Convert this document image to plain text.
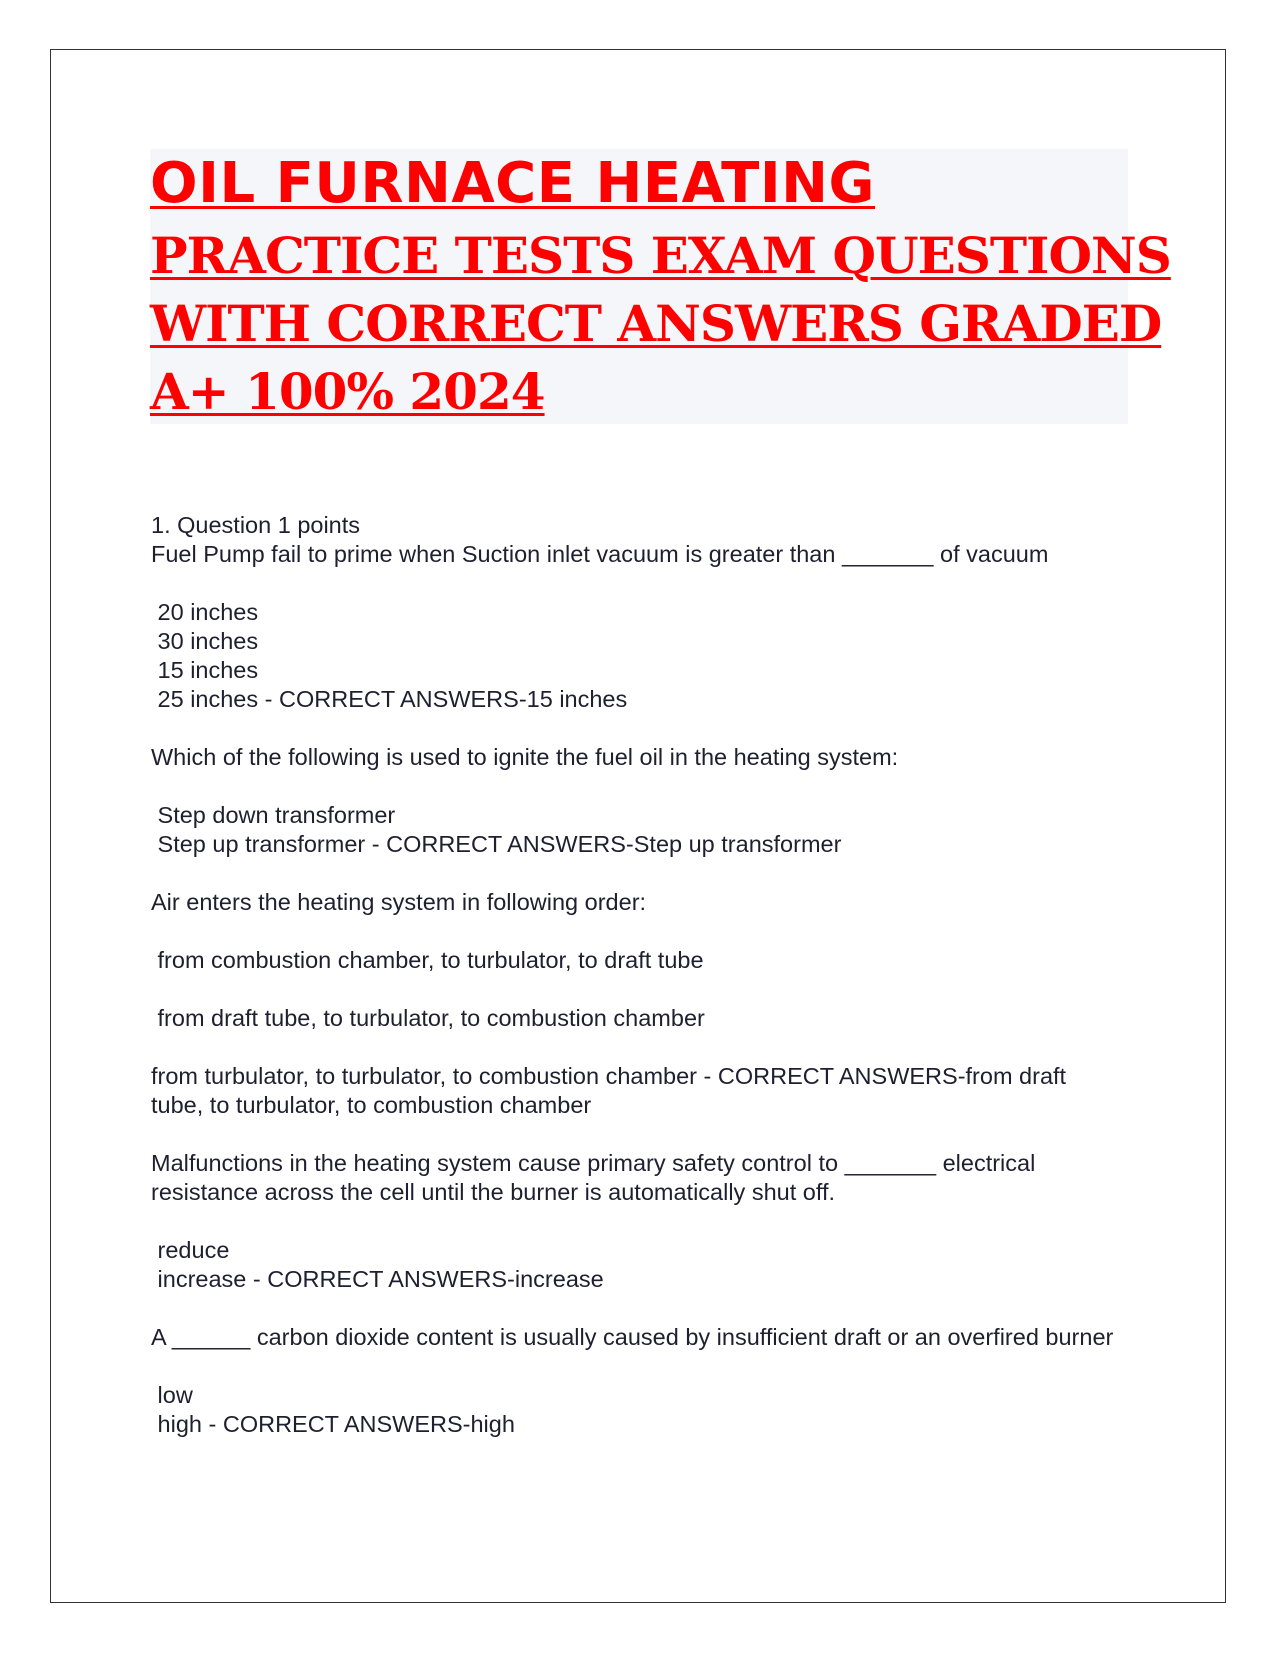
OIL FURNACE HEATING
PRACTICE TESTS EXAM QUESTIONS
WITH CORRECT ANSWERS GRADED
A+ 100% 2024
1. Question 1 points
Fuel Pump fail to prime when Suction inlet vacuum is greater than _______ of vacuum
20 inches
30 inches
15 inches
25 inches - CORRECT ANSWERS-15 inches
Which of the following is used to ignite the fuel oil in the heating system:
Step down transformer
Step up transformer - CORRECT ANSWERS-Step up transformer
Air enters the heating system in following order:
from combustion chamber, to turbulator, to draft tube
from draft tube, to turbulator, to combustion chamber
from turbulator, to turbulator, to combustion chamber - CORRECT ANSWERS-from draft tube, to turbulator, to combustion chamber
Malfunctions in the heating system cause primary safety control to _______ electrical resistance across the cell until the burner is automatically shut off.
reduce
increase - CORRECT ANSWERS-increase
A ______ carbon dioxide content is usually caused by insufficient draft or an overfired burner
low
high - CORRECT ANSWERS-high
